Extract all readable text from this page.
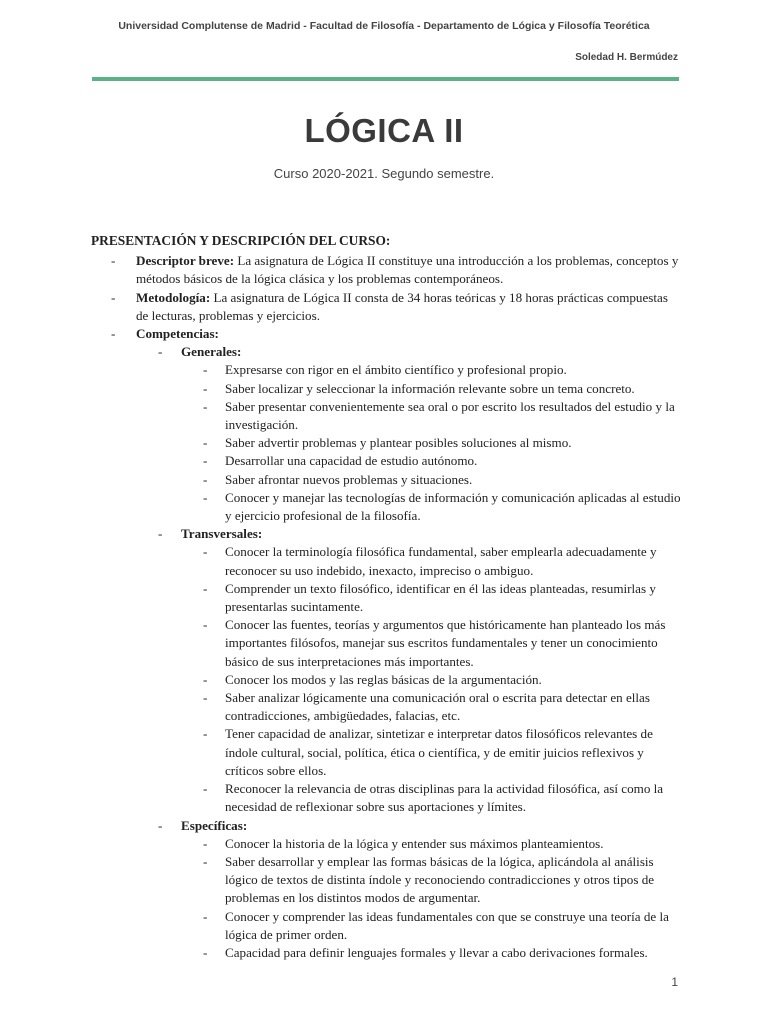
Universidad Complutense de Madrid - Facultad de Filosofía - Departamento de Lógica y Filosofía Teorética
Soledad H. Bermúdez
LÓGICA II
Curso 2020-2021. Segundo semestre.
PRESENTACIÓN Y DESCRIPCIÓN DEL CURSO:
- Descriptor breve: La asignatura de Lógica II constituye una introducción a los problemas, conceptos y métodos básicos de la lógica clásica y los problemas contemporáneos.
- Metodología: La asignatura de Lógica II consta de 34 horas teóricas y 18 horas prácticas compuestas de lecturas, problemas y ejercicios.
- Competencias:
- Generales:
- Expresarse con rigor en el ámbito científico y profesional propio.
- Saber localizar y seleccionar la información relevante sobre un tema concreto.
- Saber presentar convenientemente sea oral o por escrito los resultados del estudio y la investigación.
- Saber advertir problemas y plantear posibles soluciones al mismo.
- Desarrollar una capacidad de estudio autónomo.
- Saber afrontar nuevos problemas y situaciones.
- Conocer y manejar las tecnologías de información y comunicación aplicadas al estudio y ejercicio profesional de la filosofía.
- Transversales:
- Conocer la terminología filosófica fundamental, saber emplearla adecuadamente y reconocer su uso indebido, inexacto, impreciso o ambiguo.
- Comprender un texto filosófico, identificar en él las ideas planteadas, resumirlas y presentarlas sucintamente.
- Conocer las fuentes, teorías y argumentos que históricamente han planteado los más importantes filósofos, manejar sus escritos fundamentales y tener un conocimiento básico de sus interpretaciones más importantes.
- Conocer los modos y las reglas básicas de la argumentación.
- Saber analizar lógicamente una comunicación oral o escrita para detectar en ellas contradicciones, ambigüedades, falacias, etc.
- Tener capacidad de analizar, sintetizar e interpretar datos filosóficos relevantes de índole cultural, social, política, ética o científica, y de emitir juicios reflexivos y críticos sobre ellos.
- Reconocer la relevancia de otras disciplinas para la actividad filosófica, así como la necesidad de reflexionar sobre sus aportaciones y límites.
- Específicas:
- Conocer la historia de la lógica y entender sus máximos planteamientos.
- Saber desarrollar y emplear las formas básicas de la lógica, aplicándola al análisis lógico de textos de distinta índole y reconociendo contradicciones y otros tipos de problemas en los distintos modos de argumentar.
- Conocer y comprender las ideas fundamentales con que se construye una teoría de la lógica de primer orden.
- Capacidad para definir lenguajes formales y llevar a cabo derivaciones formales.
1
